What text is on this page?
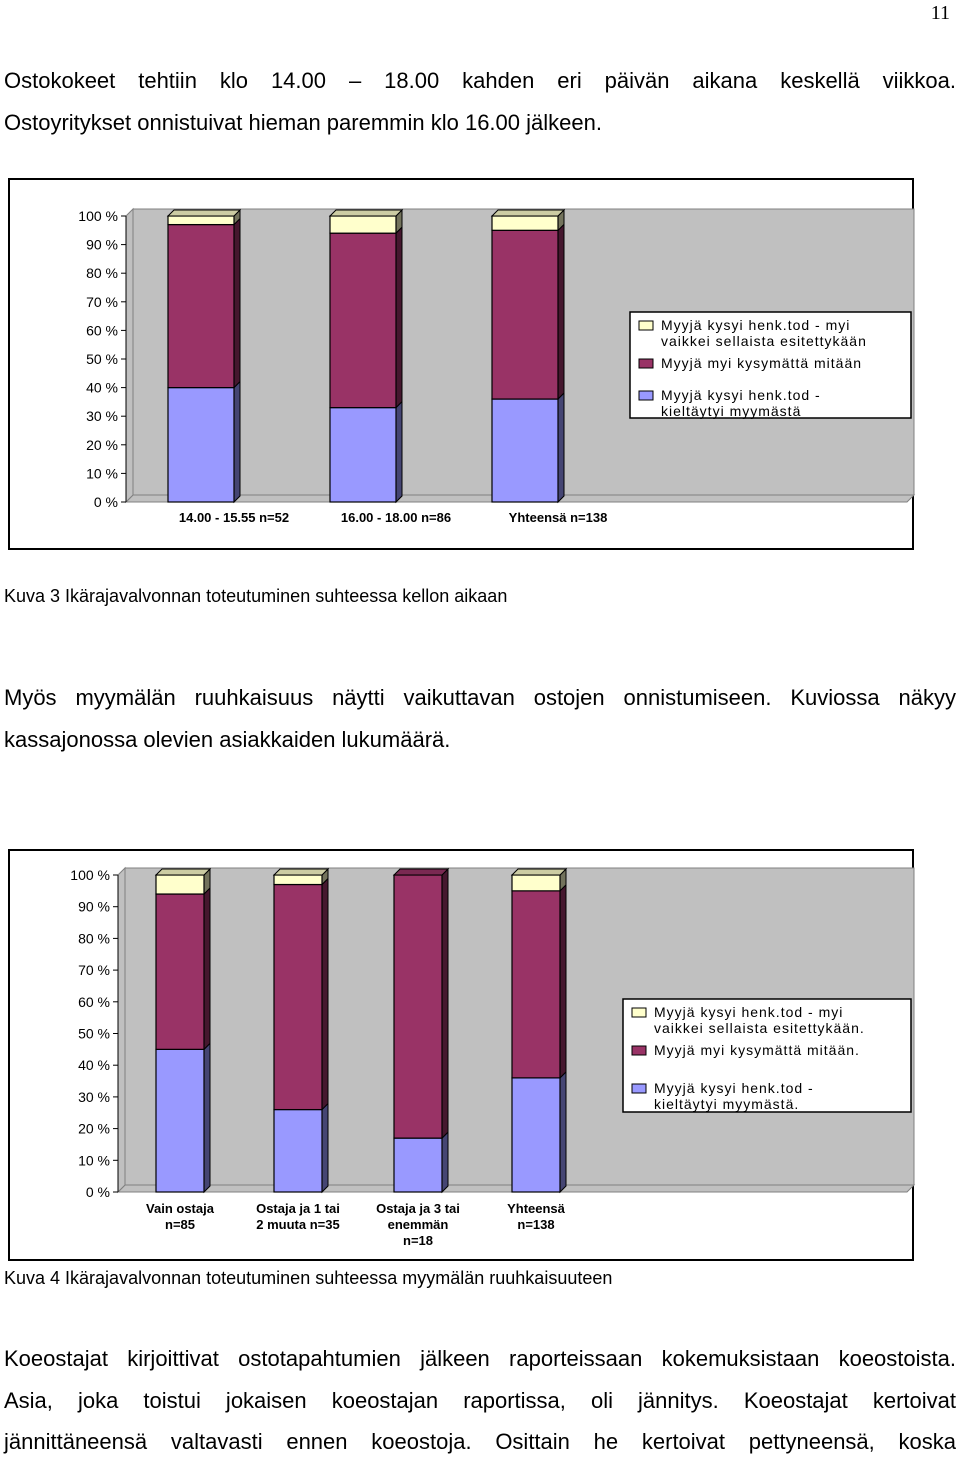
11

Ostokokeet tehtiin klo 14.00 – 18.00 kahden eri päivän aikana keskellä viikkoa.
Ostoyritykset onnistuivat hieman paremmin klo 16.00 jälkeen.

0 %
10 %
20 %
30 %
40 %
50 %
60 %
70 %
80 %
90 %
100 %
14.00 - 15.55 n=52	16.00 - 18.00 n=86	Yhteensä n=138
Myyjä kysyi henk.tod - myi vaikkei sellaista esitettykään
Myyjä myi kysymättä mitään
Myyjä kysyi henk.tod -kieltäytyi myymästä

Kuva 3 Ikärajavalvonnan toteutuminen suhteessa kellon aikaan

Myös myymälän ruuhkaisuus näytti vaikuttavan ostojen onnistumiseen. Kuviossa näkyy
kassajonossa olevien asiakkaiden lukumäärä.

0 %
10 %
20 %
30 %
40 %
50 %
60 %
70 %
80 %
90 %
100 %
Vain ostaja n=85
Ostaja ja 1 tai 2 muuta n=35
Ostaja ja 3 tai enemmän n=18
Yhteensä n=138
Myyjä kysyi henk.tod - myi vaikkei sellaista esitettykään.
Myyjä myi kysymättä mitään.
Myyjä kysyi henk.tod -kieltäytyi myymästä.

Kuva 4 Ikärajavalvonnan toteutuminen suhteessa myymälän ruuhkaisuuteen

Koeostajat kirjoittivat ostotapahtumien jälkeen raporteissaan kokemuksistaan koeostoista.
Asia, joka toistui jokaisen koeostajan raportissa, oli jännitys. Koeostajat kertoivat
jännittäneensä valtavasti ennen koeostoja. Osittain he kertoivat pettyneensä, koska
